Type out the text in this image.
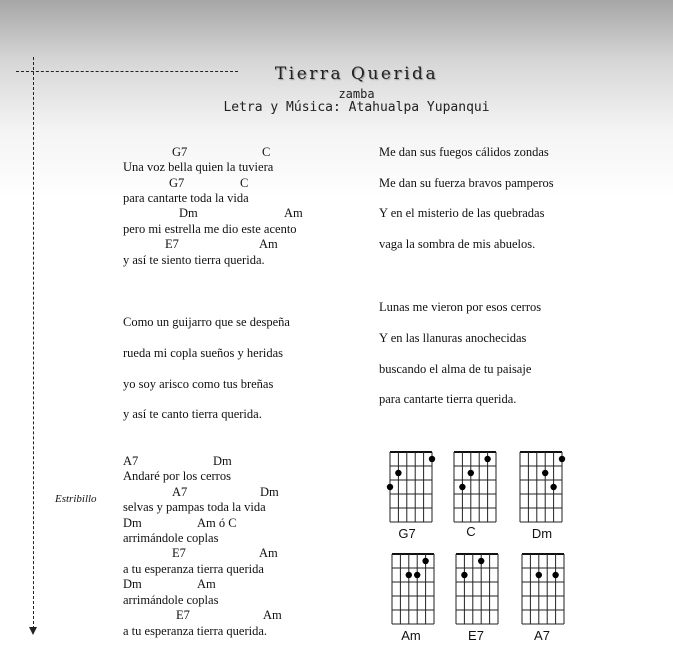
Tierra Querida
zamba
Letra y Música: Atahualpa Yupanqui
G7	C
Una voz bella quien la tuviera
G7	C
para cantarte toda la vida
Dm	Am
pero mi estrella me dio este acento
E7	Am
y así te siento tierra querida.
Como un guijarro que se despeña
rueda mi copla sueños y heridas
yo soy arisco como tus breñas
y así te canto tierra querida.
Estribillo
A7	Dm
Andaré por los cerros
A7	Dm
selvas y pampas toda la vida
Dm	Am ó C
arrimándole coplas
E7	Am
a tu esperanza tierra querida
Dm	Am
arrimándole coplas
E7	Am
a tu esperanza tierra querida.
Me dan sus fuegos cálidos zondas
Me dan su fuerza bravos pamperos
Y en el misterio de las quebradas
vaga la sombra de mis abuelos.
Lunas me vieron por esos cerros
Y en las llanuras anochecidas
buscando el alma de tu paisaje
para cantarte tierra querida.
G7	C	Dm
Am	E7	A7
